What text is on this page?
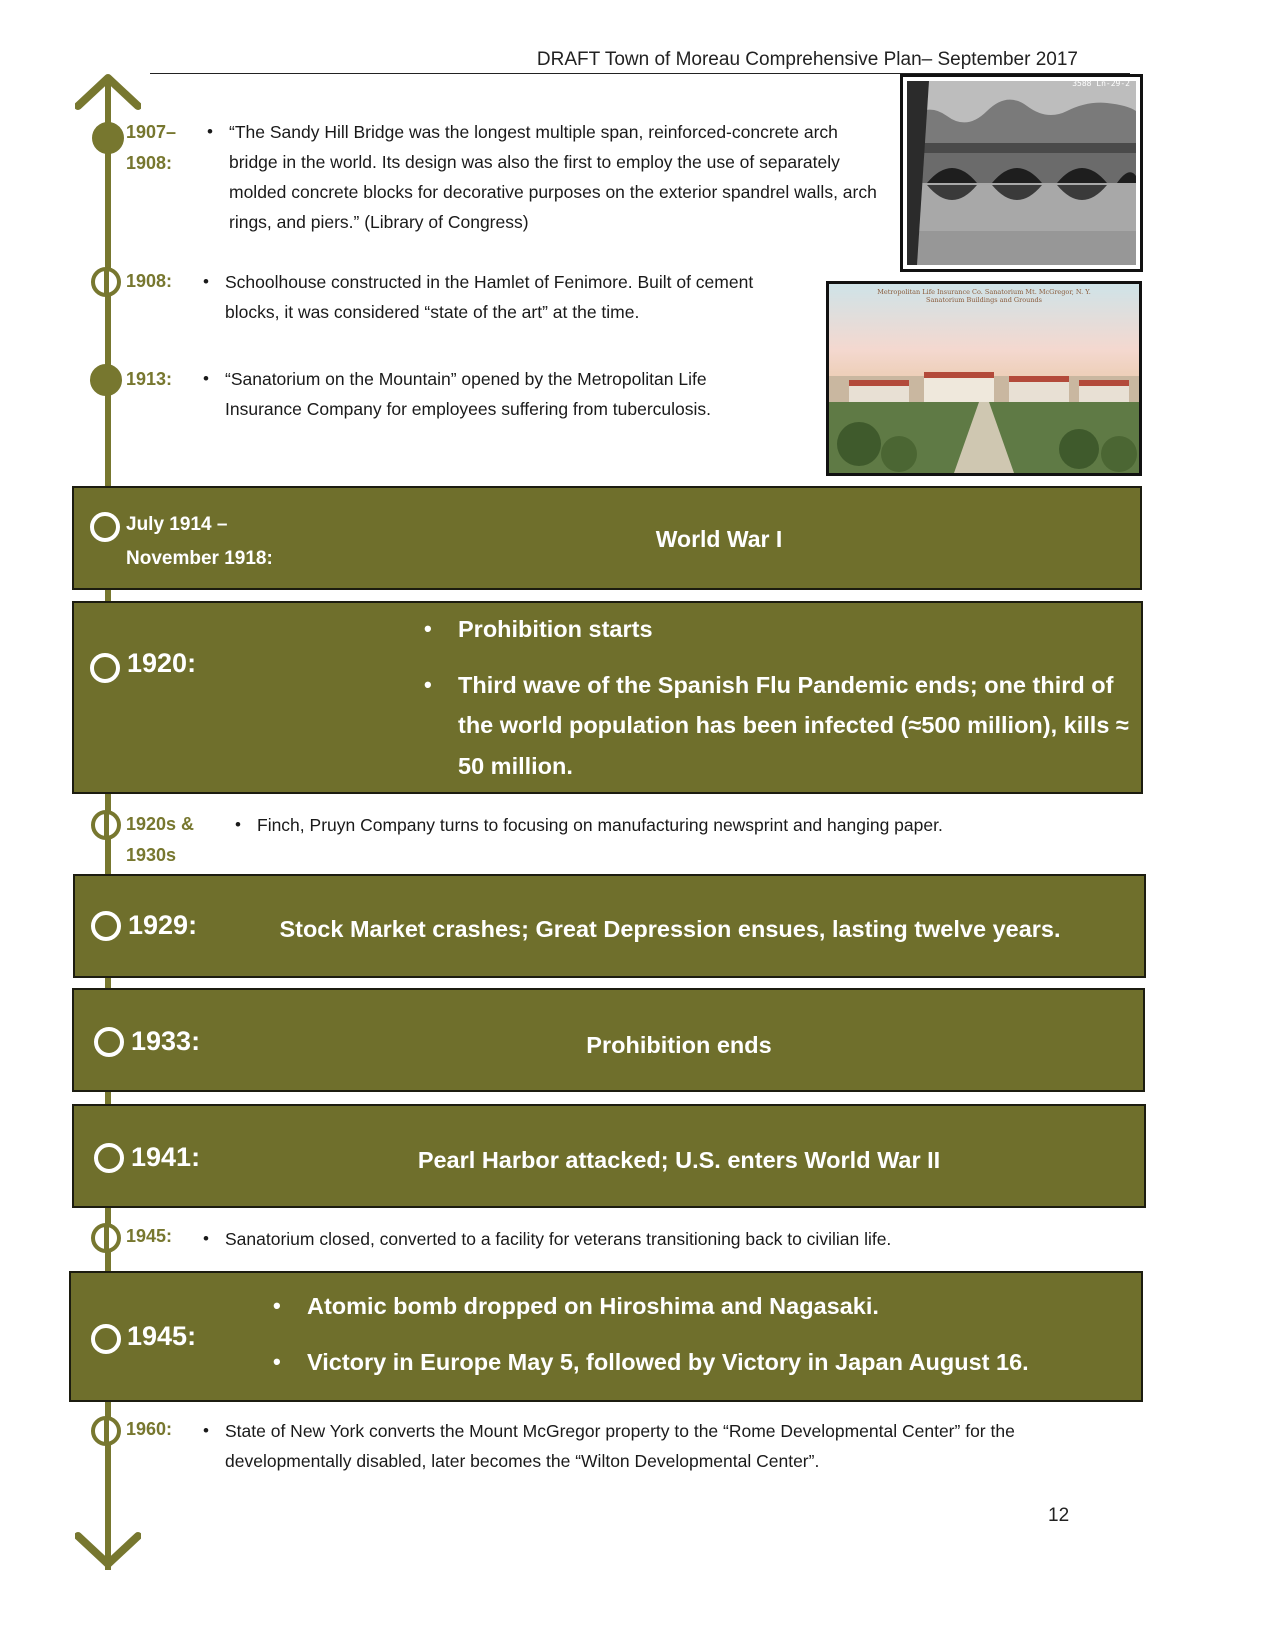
DRAFT Town of Moreau Comprehensive Plan– September 2017
1907–
1908:
• “The Sandy Hill Bridge was the longest multiple span, reinforced-concrete arch bridge in the world. Its design was also the first to employ the use of separately molded concrete blocks for decorative purposes on the exterior spandrel walls, arch rings, and piers.” (Library of Congress)
3588 Ln-29-2
1908: • Schoolhouse constructed in the Hamlet of Fenimore. Built of cement blocks, it was considered “state of the art” at the time.
Metropolitan Life Insurance Co. Sanatorium Mt. McGregor, N. Y.
Sanatorium Buildings and Grounds
1913: • “Sanatorium on the Mountain” opened by the Metropolitan Life Insurance Company for employees suffering from tuberculosis.
July 1914 –
November 1918:
World War I
1920:
• Prohibition starts
• Third wave of the Spanish Flu Pandemic ends; one third of the world population has been infected (≈500 million), kills ≈ 50 million.
1920s &
1930s
• Finch, Pruyn Company turns to focusing on manufacturing newsprint and hanging paper.
1929:	Stock Market crashes; Great Depression ensues, lasting twelve years.
1933:	Prohibition ends
1941:	Pearl Harbor attacked; U.S. enters World War II
1945: • Sanatorium closed, converted to a facility for veterans transitioning back to civilian life.
1945:
• Atomic bomb dropped on Hiroshima and Nagasaki.
• Victory in Europe May 5, followed by Victory in Japan August 16.
1960: • State of New York converts the Mount McGregor property to the “Rome Developmental Center” for the developmentally disabled, later becomes the “Wilton Developmental Center”.
12
